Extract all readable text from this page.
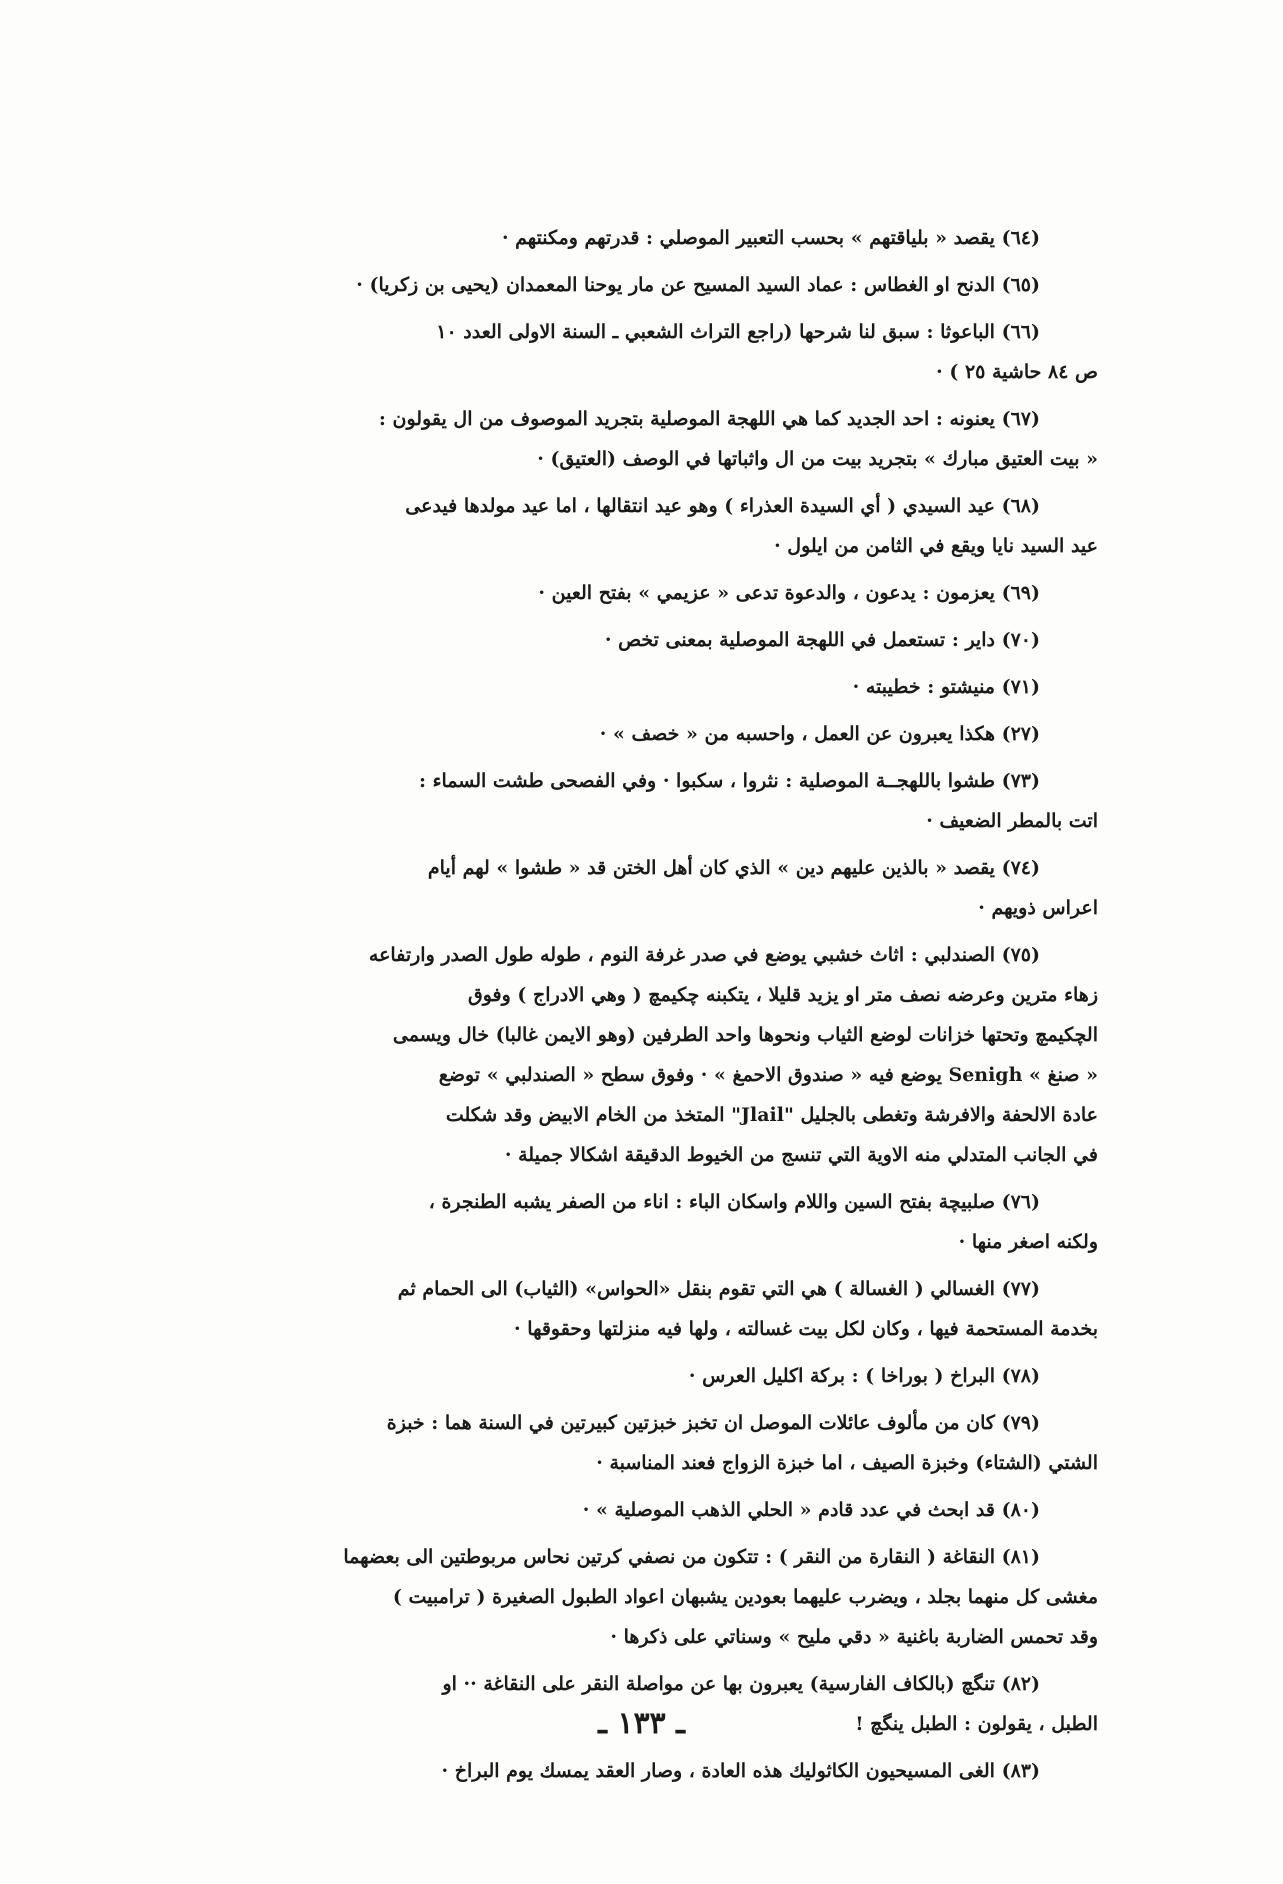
(٦٤) يقصد « بلياقتهم » بحسب التعبير الموصلي : قدرتهم ومكنتهم ·

(٦٥) الدنح او الغطاس : عماد السيد المسيح عن مار يوحنا المعمدان (يحيى بن زكريا) ·

(٦٦) الباعوثا : سبق لنا شرحها (راجع التراث الشعبي ـ السنة الاولى العدد ١٠
ص ٨٤ حاشية ٢٥ ) ·

(٦٧) يعنونه : احد الجديد كما هي اللهجة الموصلية بتجريد الموصوف من ال يقولون :
« بيت العتيق مبارك » بتجريد بيت من ال واثباتها في الوصف (العتيق) ·

(٦٨) عيد السيدي ( أي السيدة العذراء ) وهو عيد انتقالها ، اما عيد مولدها فيدعى
عيد السيد نايا ويقع في الثامن من ايلول ·

(٦٩) يعزمون : يدعون ، والدعوة تدعى « عزيمي » بفتح العين ·

(٧٠) داير : تستعمل في اللهجة الموصلية بمعنى تخص ·

(٧١) منيشتو : خطيبته ·

(٢٧) هكذا يعبرون عن العمل ، واحسبه من « خصف » ·

(٧٣) طشوا باللهجــة الموصلية : نثروا ، سكبوا · وفي الفصحى طشت السماء :
اتت بالمطر الضعيف ·

(٧٤) يقصد « بالذين عليهم دين » الذي كان أهل الختن قد « طشوا » لهم أيام
اعراس ذويهم ·

(٧٥) الصندلبي : اثاث خشبي يوضع في صدر غرفة النوم ، طوله طول الصدر وارتفاعه
زهاء مترين وعرضه نصف متر او يزيد قليلا ، يتكبنه چكيمچ ( وهي الادراج ) وفوق
الچكيمچ وتحتها خزانات لوضع الثياب ونحوها واحد الطرفين (وهو الايمن غالبا) خال ويسمى
« صنغ » Senigh يوضع فيه « صندوق الاحمغ » · وفوق سطح « الصندلبي » توضع
عادة الالحفة والافرشة وتغطى بالجليل "Jlail" المتخذ من الخام الابيض وقد شكلت
في الجانب المتدلي منه الاوية التي تنسج من الخيوط الدقيقة اشكالا جميلة ·

(٧٦) صلبيچة بفتح السين واللام واسكان الباء : اناء من الصفر يشبه الطنجرة ،
ولكنه اصغر منها ·

(٧٧) الغسالي ( الغسالة ) هي التي تقوم بنقل «الحواس» (الثياب) الى الحمام ثم
بخدمة المستحمة فيها ، وكان لكل بيت غسالته ، ولها فيه منزلتها وحقوقها ·

(٧٨) البراخ ( بوراخا ) : بركة اكليل العرس ·

(٧٩) كان من مألوف عائلات الموصل ان تخبز خبزتين كبيرتين في السنة هما : خبزة
الشتي (الشتاء) وخبزة الصيف ، اما خبزة الزواج فعند المناسبة ·

(٨٠) قد ابحث في عدد قادم « الحلي الذهب الموصلية » ·

(٨١) النقاغة ( النقارة من النقر ) : تتكون من نصفي كرتين نحاس مربوطتين الى بعضهما
مغشى كل منهما بجلد ، ويضرب عليهما بعودين يشبهان اعواد الطبول الصغيرة ( ترامبيت )
وقد تحمس الضاربة باغنية « دقي مليح » وسناتي على ذكرها ·

(٨٢) تنگچ (بالكاف الفارسية) يعبرون بها عن مواصلة النقر على النقاغة ·· او
الطبل ، يقولون : الطبل ينگچ !

(٨٣) الغى المسيحيون الكاثوليك هذه العادة ، وصار العقد يمسك يوم البراخ ·

ـ ١٣٣ ـ
